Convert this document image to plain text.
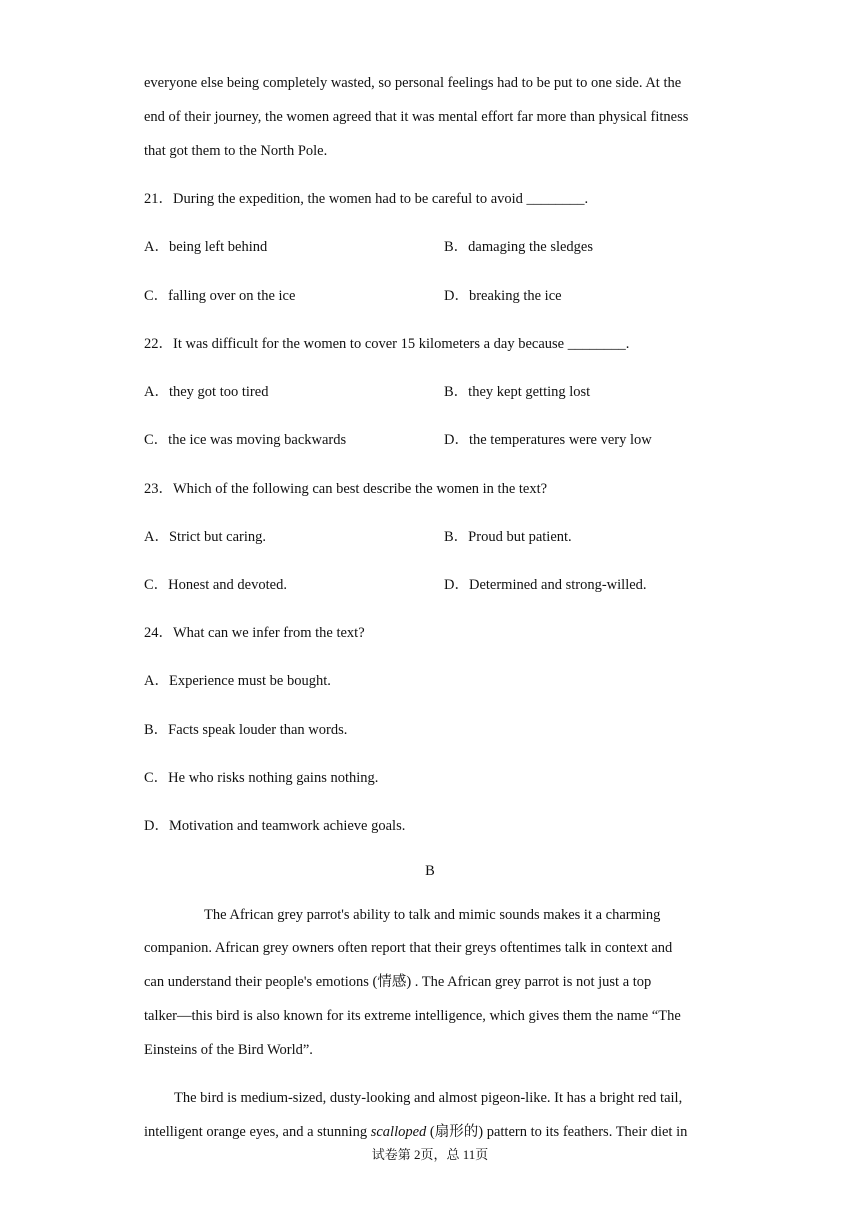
everyone else being completely wasted, so personal feelings had to be put to one side. At the
end of their journey, the women agreed that it was mental effort far more than physical fitness
that got them to the North Pole.
21．During the expedition, the women had to be careful to avoid ________.
A．being left behind	B．damaging the sledges
C．falling over on the ice	D．breaking the ice
22．It was difficult for the women to cover 15 kilometers a day because ________.
A．they got too tired	B．they kept getting lost
C．the ice was moving backwards	D．the temperatures were very low
23．Which of the following can best describe the women in the text?
A．Strict but caring.	B．Proud but patient.
C．Honest and devoted.	D．Determined and strong-willed.
24．What can we infer from the text?
A．Experience must be bought.
B．Facts speak louder than words.
C．He who risks nothing gains nothing.
D．Motivation and teamwork achieve goals.
B
The African grey parrot's ability to talk and mimic sounds makes it a charming
companion. African grey owners often report that their greys oftentimes talk in context and
can understand their people's emotions (情感) . The African grey parrot is not just a top
talker—this bird is also known for its extreme intelligence, which gives them the name “The
Einsteins of the Bird World”.
The bird is medium-sized, dusty-looking and almost pigeon-like. It has a bright red tail,
intelligent orange eyes, and a stunning scalloped (扇形的) pattern to its feathers. Their diet in
试卷第 2页，总 11页
